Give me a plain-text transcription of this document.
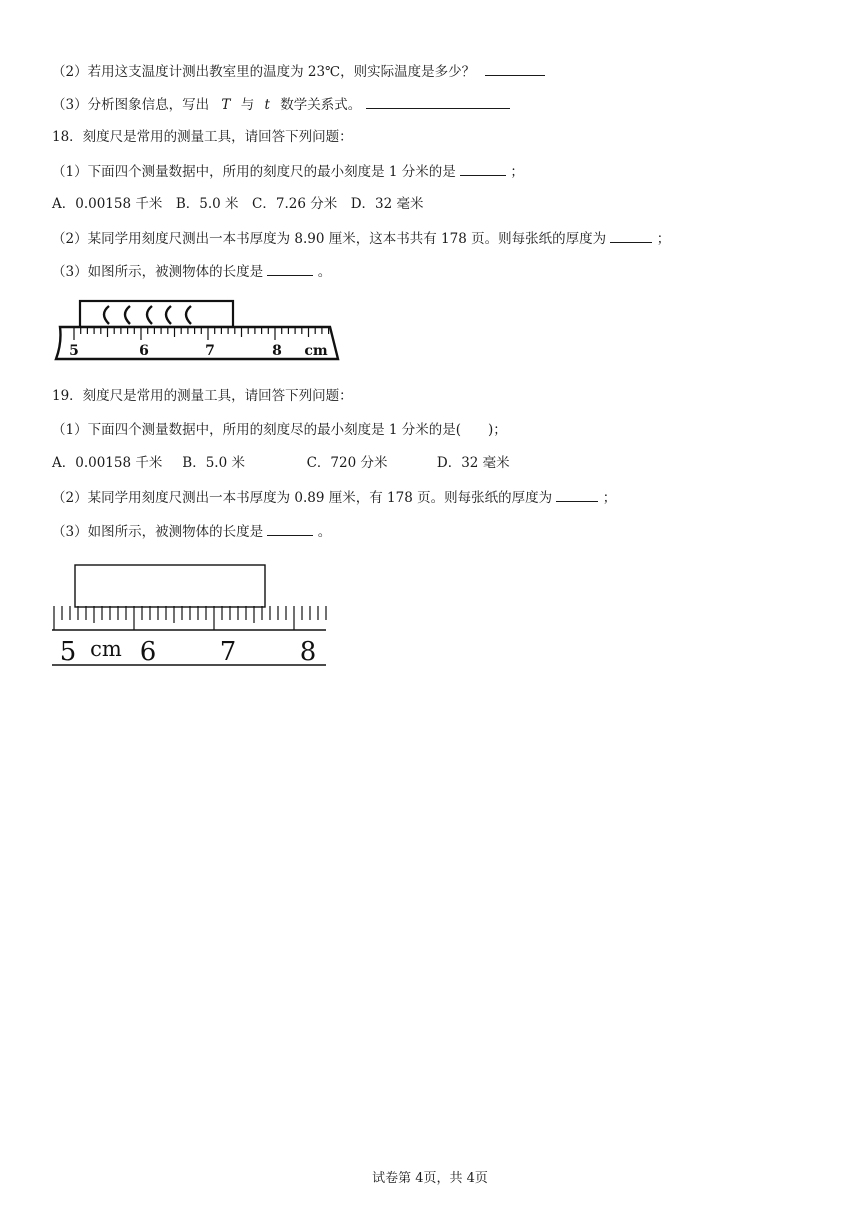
（2）若用这支温度计测出教室里的温度为 23℃，则实际温度是多少？
（3）分析图象信息，写出 T 与 t 数学关系式。
18．刻度尺是常用的测量工具，请回答下列问题：
（1）下面四个测量数据中，所用的刻度尺的最小刻度是 1 分米的是	；
A．0.00158 千米　B．5.0 米　C．7.26 分米　D．32 毫米
（2）某同学用刻度尺测出一本书厚度为 8.90 厘米，这本书共有 178 页。则每张纸的厚度为	；
（3）如图所示，被测物体的长度是	。
5	6	7	8 cm
19．刻度尺是常用的测量工具，请回答下列问题：
（1）下面四个测量数据中，所用的刻度尽的最小刻度是 1 分米的是(　　)；
A．0.00158 千米 B．5.0 米	C．720 分米	D．32 毫米
（2）某同学用刻度尺测出一本书厚度为 0.89 厘米，有 178 页。则每张纸的厚度为	；
（3）如图所示，被测物体的长度是	。
5 6 7 8
cm
试卷第 4页，共 4页
